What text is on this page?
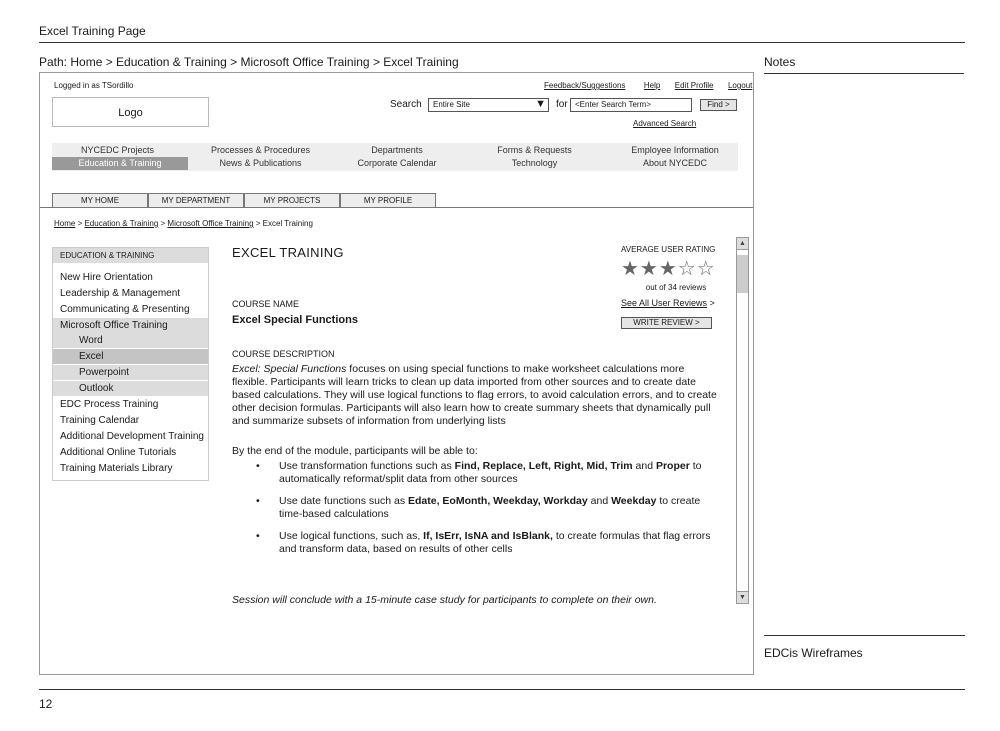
Excel Training Page
Path: Home > Education & Training > Microsoft Office Training > Excel Training	Notes
EDCis Wireframes
12
Logged in as TSordillo	Feedback/Suggestions Help Edit Profile Logout
Logo
Search	Entire Site	▼ for <Enter Search Term>	Find >
Advanced Search
NYCEDC Projects	Processes & Procedures	Departments	Forms & Requests	Employee Information
Education & Training	News & Publications	Corporate Calendar	Technology	About NYCEDC
MY HOME	MY DEPARTMENT	MY PROJECTS	MY PROFILE
Home > Education & Training > Microsoft Office Training > Excel Training
EDUCATION & TRAINING
New Hire Orientation
Leadership & Management
Communicating & Presenting
Microsoft Office Training
Word
Excel
Powerpoint
Outlook
EDC Process Training
Training Calendar
Additional Development Training
Additional Online Tutorials
Training Materials Library
EXCEL TRAINING
COURSE NAME
Excel Special Functions
COURSE DESCRIPTION
Excel: Special Functions focuses on using special functions to make worksheet calculations more flexible. Participants will learn tricks to clean up data imported from other sources and to create date based calculations. They will use logical functions to flag errors, to avoid calculation errors, and to create other decision formulas. Participants will also learn how to create summary sheets that dynamically pull and summarize subsets of information from underlying lists
By the end of the module, participants will be able to:
• Use transformation functions such as Find, Replace, Left, Right, Mid, Trim and Proper to automatically reformat/split data from other sources
• Use date functions such as Edate, EoMonth, Weekday, Workday and Weekday to create time-based calculations
• Use logical functions, such as, If, IsErr, IsNA and IsBlank, to create formulas that flag errors and transform data, based on results of other cells
Session will conclude with a 15-minute case study for participants to complete on their own.
AVERAGE USER RATING
★★★☆☆
out of 34 reviews
See All User Reviews >
WRITE REVIEW >
▲
▼
